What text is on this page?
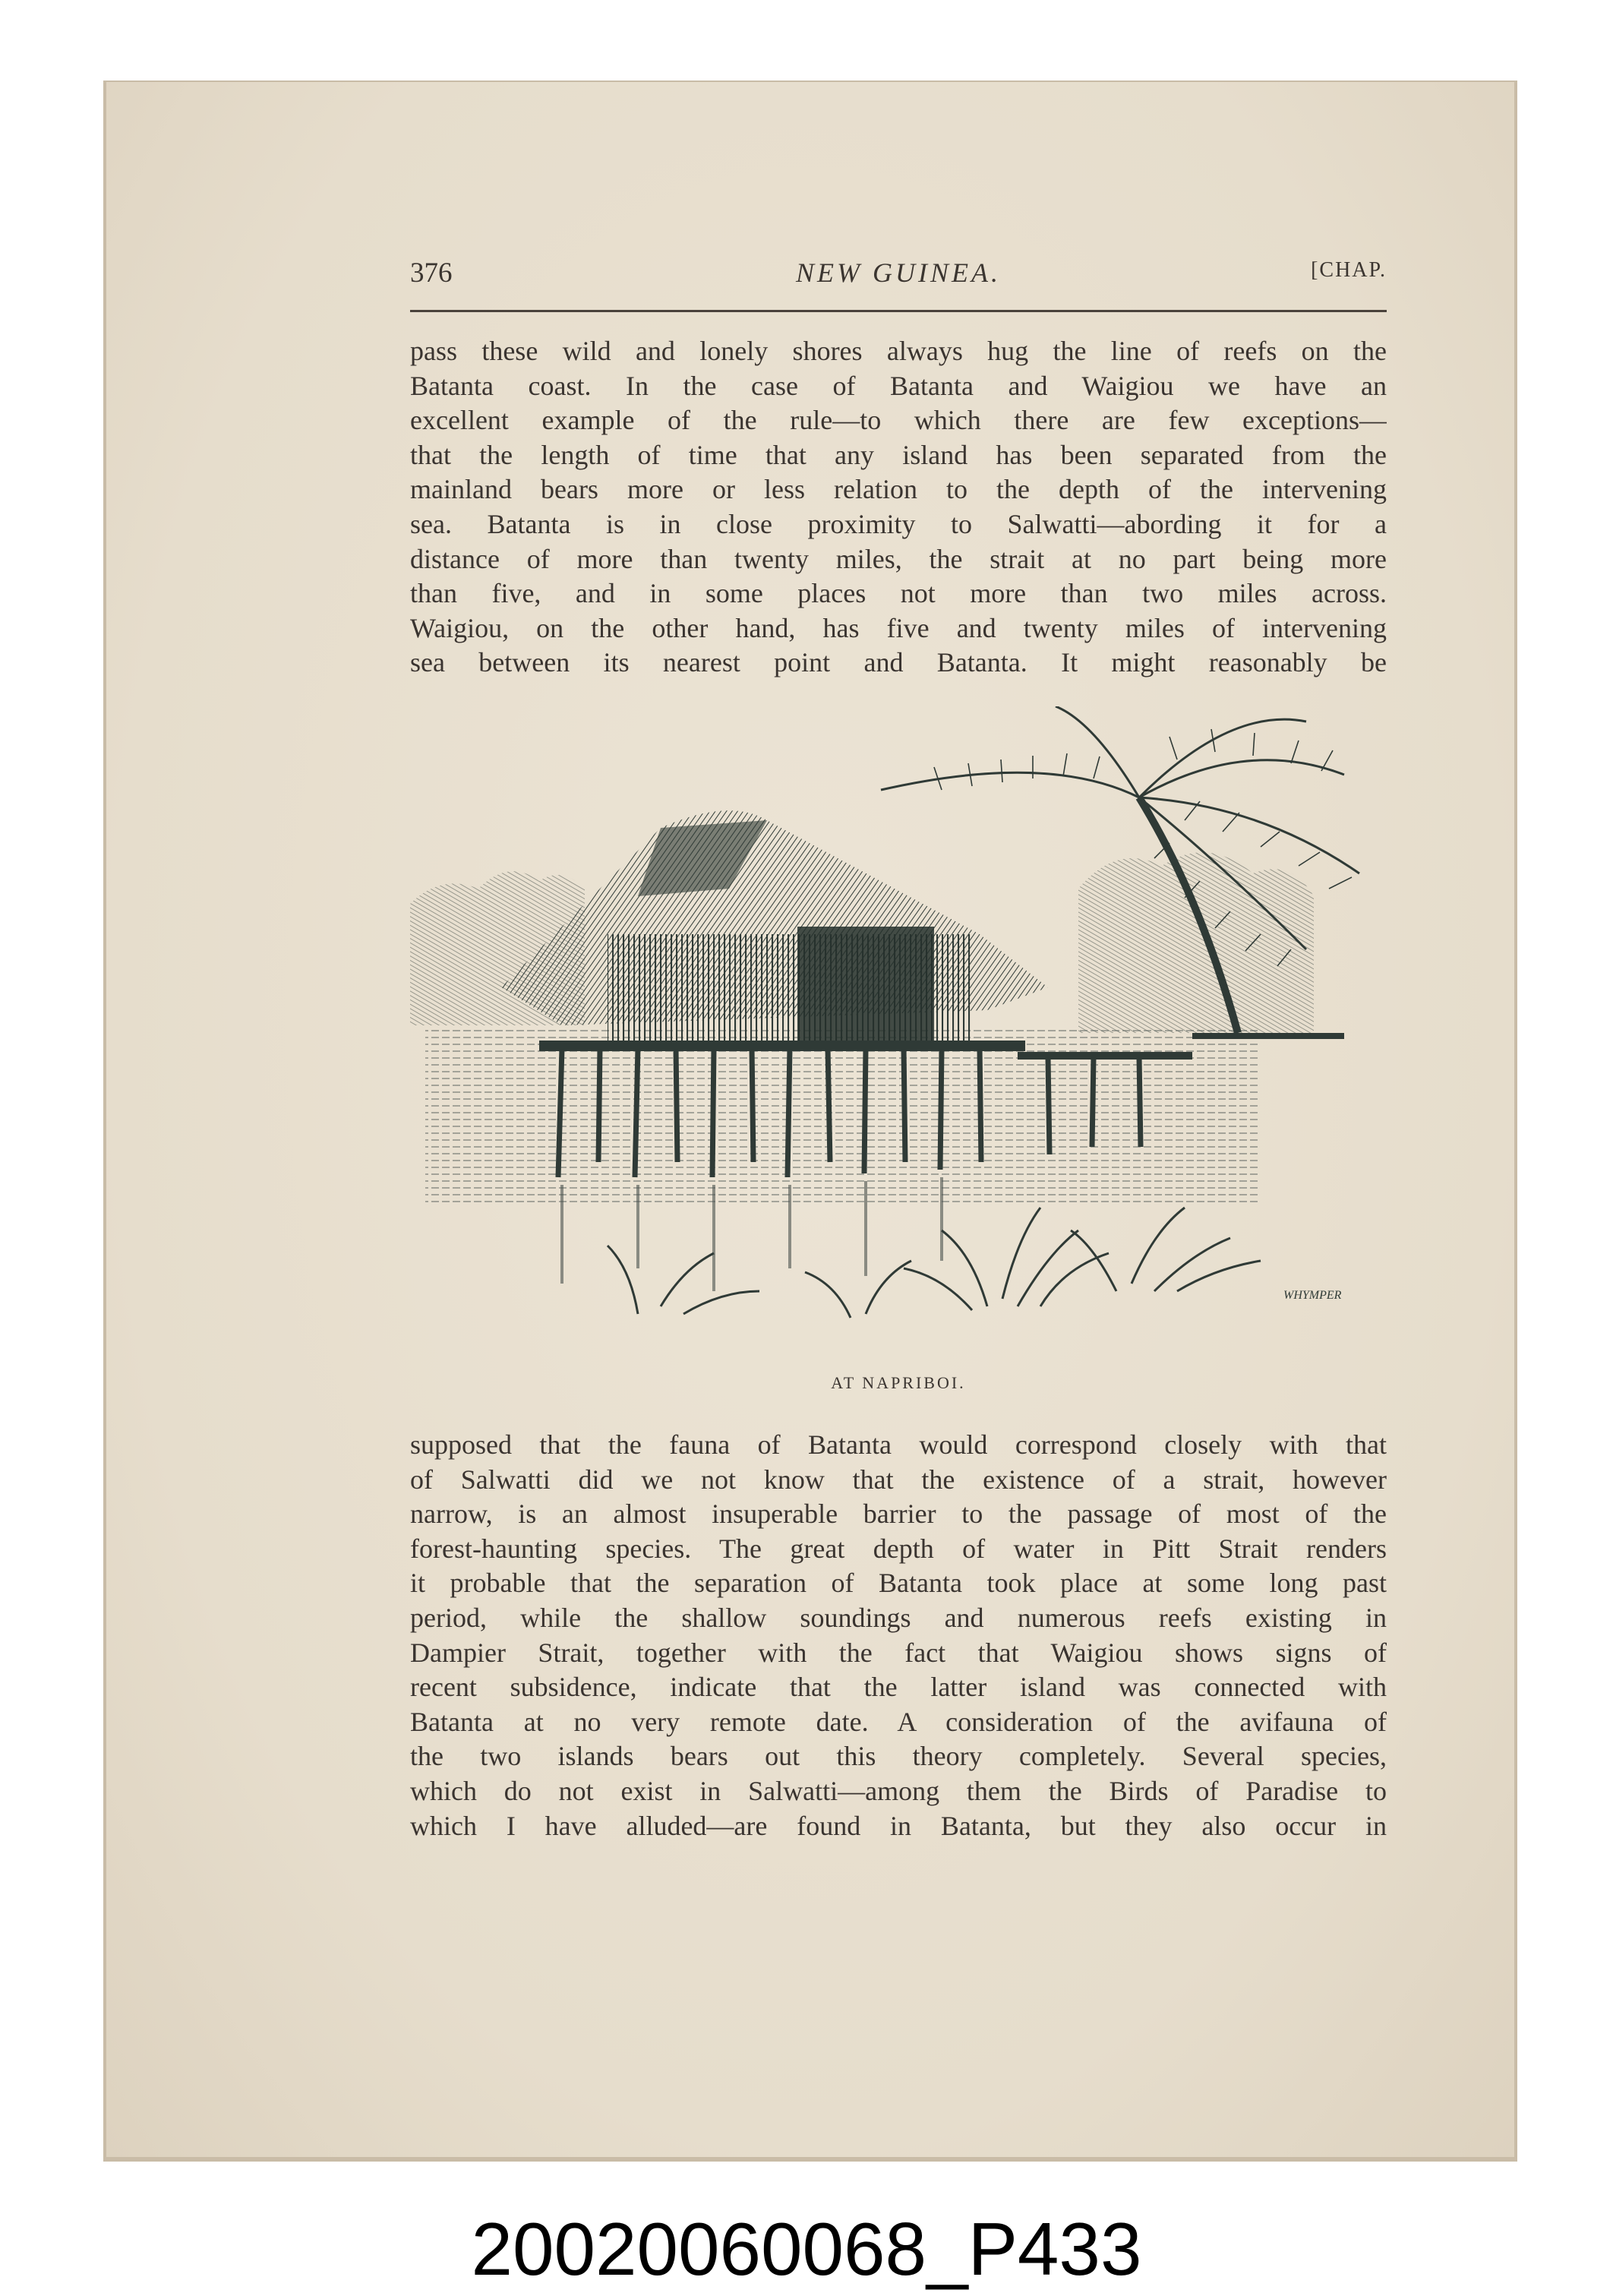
376	NEW GUINEA.	[CHAP.
pass these wild and lonely shores always hug the line of reefs on the
Batanta coast. In the case of Batanta and Waigiou we have an
excellent example of the rule—to which there are few exceptions—
that the length of time that any island has been separated from the
mainland bears more or less relation to the depth of the intervening
sea. Batanta is in close proximity to Salwatti—abording it for a
distance of more than twenty miles, the strait at no part being more
than five, and in some places not more than two miles across.
Waigiou, on the other hand, has five and twenty miles of intervening
sea between its nearest point and Batanta. It might reasonably be
WHYMPER
AT NAPRIBOI.
supposed that the fauna of Batanta would correspond closely with that
of Salwatti did we not know that the existence of a strait, however
narrow, is an almost insuperable barrier to the passage of most of the
forest-haunting species. The great depth of water in Pitt Strait renders
it probable that the separation of Batanta took place at some long past
period, while the shallow soundings and numerous reefs existing in
Dampier Strait, together with the fact that Waigiou shows signs of
recent subsidence, indicate that the latter island was connected with
Batanta at no very remote date. A consideration of the avifauna of
the two islands bears out this theory completely. Several species,
which do not exist in Salwatti—among them the Birds of Paradise to
which I have alluded—are found in Batanta, but they also occur in
20020060068_P433
